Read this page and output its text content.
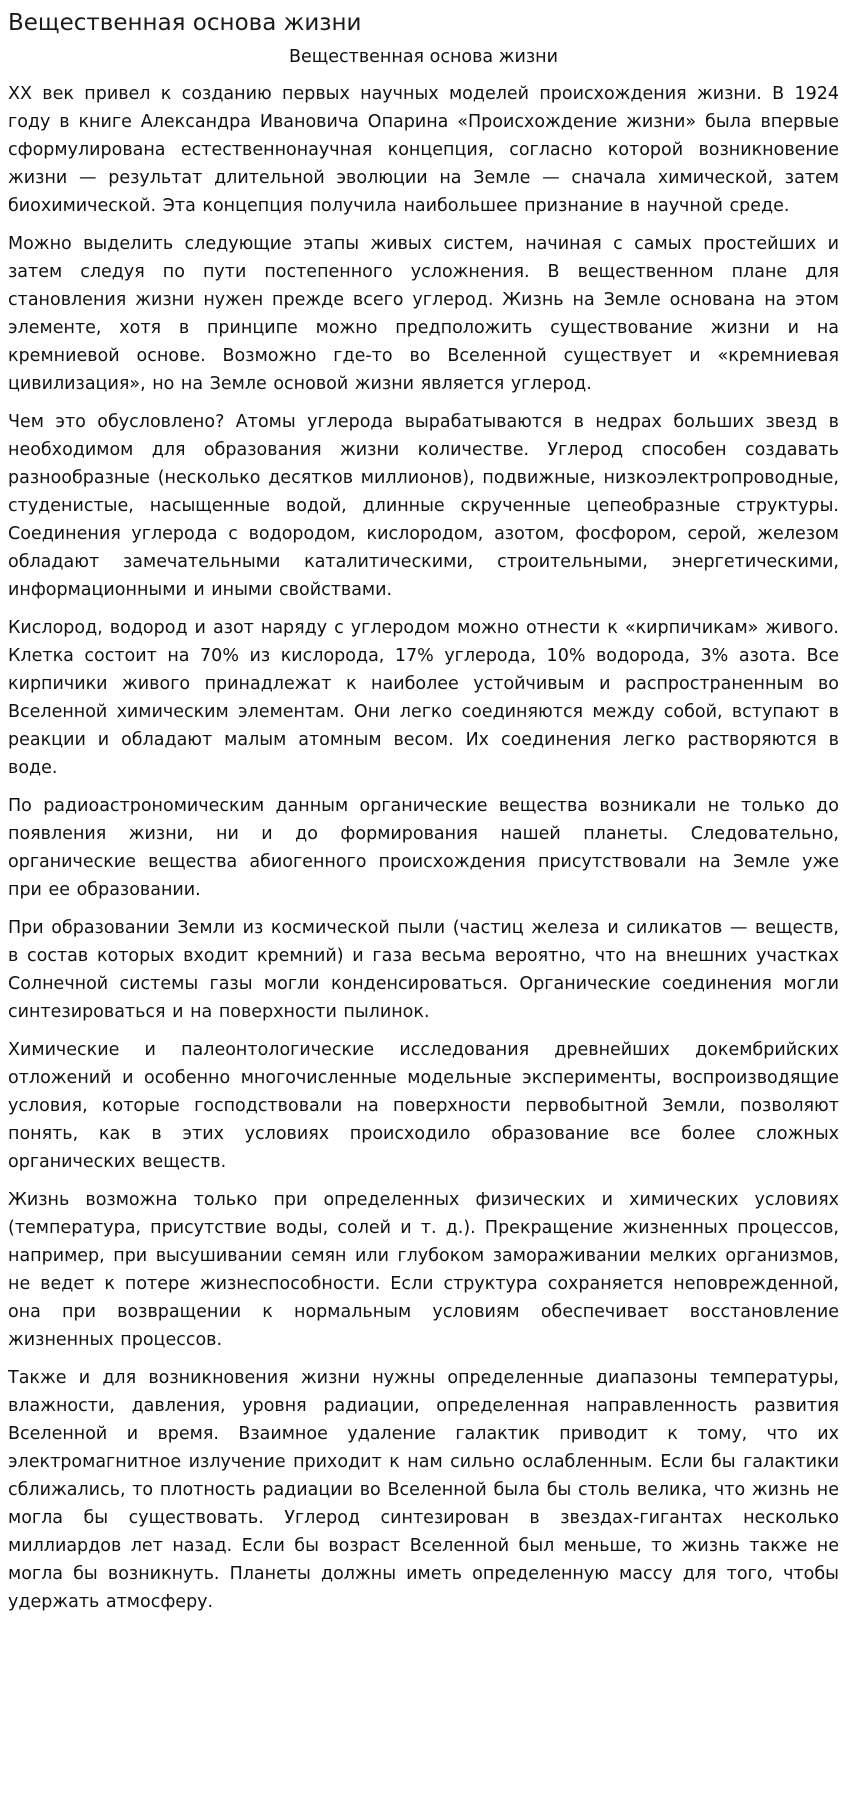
Вещественная основа жизни
Вещественная основа жизни

XX век привел к созданию первых научных моделей происхождения жизни. В 1924 году в книге Александра Ивановича Опарина «Происхождение жизни» была впервые сформулирована естественнонаучная концепция, согласно которой возникновение жизни — результат длительной эволюции на Земле — сначала химической, затем биохимической. Эта концепция получила наибольшее признание в научной среде.

Можно выделить следующие этапы живых систем, начиная с самых простейших и затем следуя по пути постепенного усложнения. В вещественном плане для становления жизни нужен прежде всего углерод. Жизнь на Земле основана на этом элементе, хотя в принципе можно предположить существование жизни и на кремниевой основе. Возможно где-то во Вселенной существует и «кремниевая цивилизация», но на Земле основой жизни является углерод.

Чем это обусловлено? Атомы углерода вырабатываются в недрах больших звезд в необходимом для образования жизни количестве. Углерод способен создавать разнообразные (несколько десятков миллионов), подвижные, низкоэлектропроводные, студенистые, насыщенные водой, длинные скрученные цепеобразные структуры. Соединения углерода с водородом, кислородом, азотом, фосфором, серой, железом обладают замечательными каталитическими, строительными, энергетическими, информационными и иными свойствами.

Кислород, водород и азот наряду с углеродом можно отнести к «кирпичикам» живого. Клетка состоит на 70% из кислорода, 17% углерода, 10% водорода, 3% азота. Все кирпичики живого принадлежат к наиболее устойчивым и распространенным во Вселенной химическим элементам. Они легко соединяются между собой, вступают в реакции и обладают малым атомным весом. Их соединения легко растворяются в воде.

По радиоастрономическим данным органические вещества возникали не только до появления жизни, ни и до формирования нашей планеты. Следовательно, органические вещества абиогенного происхождения присутствовали на Земле уже при ее образовании.

При образовании Земли из космической пыли (частиц железа и силикатов — веществ, в состав которых входит кремний) и газа весьма вероятно, что на внешних участках Солнечной системы газы могли конденсироваться. Органические соединения могли синтезироваться и на поверхности пылинок.

Химические и палеонтологические исследования древнейших докембрийских отложений и особенно многочисленные модельные эксперименты, воспроизводящие условия, которые господствовали на поверхности первобытной Земли, позволяют понять, как в этих условиях происходило образование все более сложных органических веществ.

Жизнь возможна только при определенных физических и химических условиях (температура, присутствие воды, солей и т. д.). Прекращение жизненных процессов, например, при высушивании семян или глубоком замораживании мелких организмов, не ведет к потере жизнеспособности. Если структура сохраняется неповрежденной, она при возвращении к нормальным условиям обеспечивает восстановление жизненных процессов.

Также и для возникновения жизни нужны определенные диапазоны температуры, влажности, давления, уровня радиации, определенная направленность развития Вселенной и время. Взаимное удаление галактик приводит к тому, что их электромагнитное излучение приходит к нам сильно ослабленным. Если бы галактики сближались, то плотность радиации во Вселенной была бы столь велика, что жизнь не могла бы существовать. Углерод синтезирован в звездах-гигантах несколько миллиардов лет назад. Если бы возраст Вселенной был меньше, то жизнь также не могла бы возникнуть. Планеты должны иметь определенную массу для того, чтобы удержать атмосферу.
